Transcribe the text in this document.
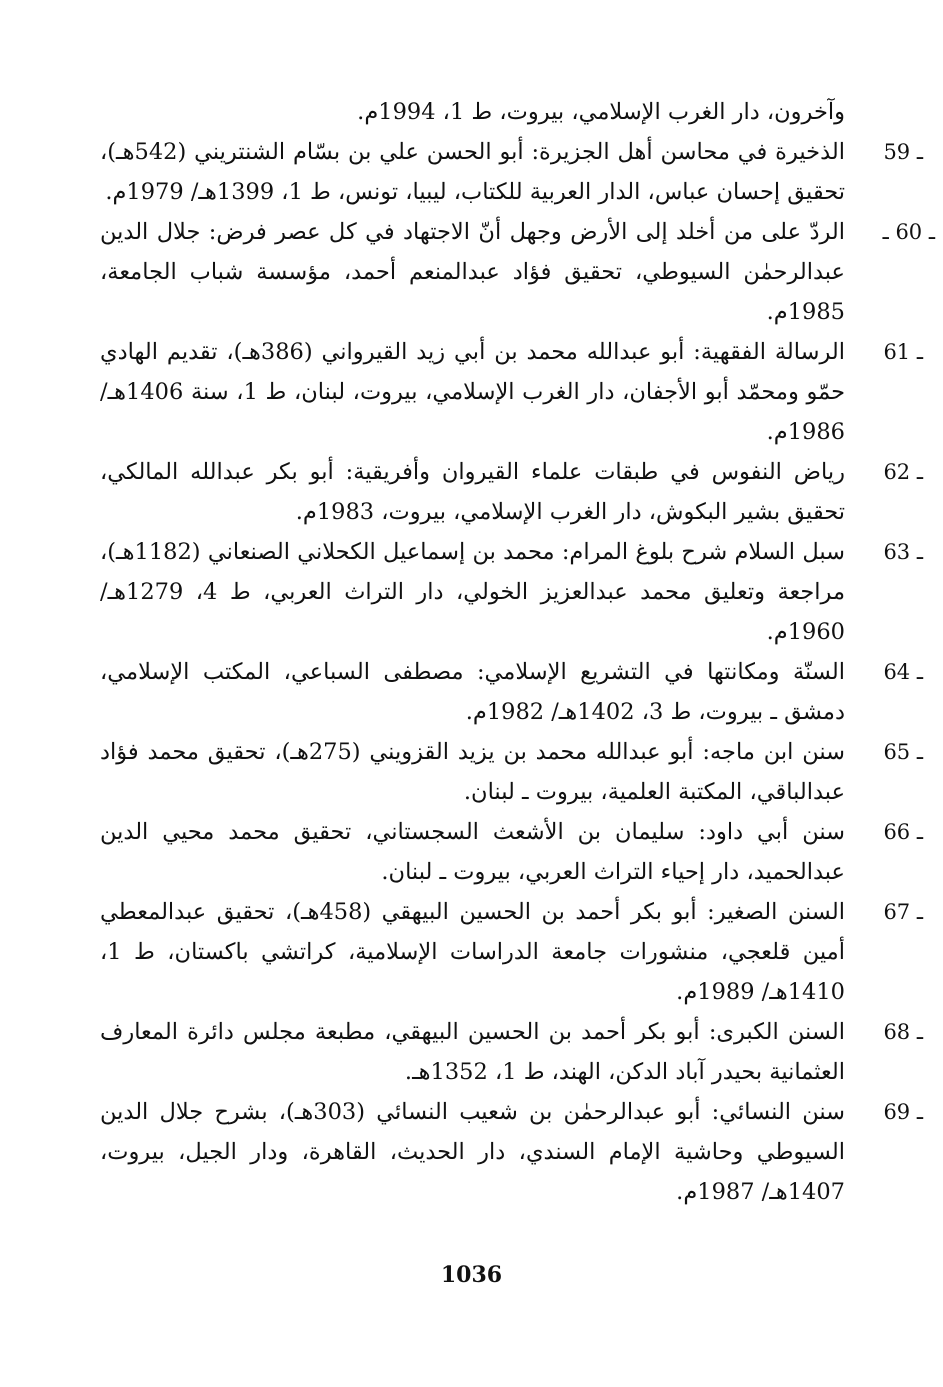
وآخرون، دار الغرب الإسلامي، بيروت، ط 1، 1994م.

59 ـ
الذخيرة في محاسن أهل الجزيرة: أبو الحسن علي بن بسّام الشنتريني (542هـ)، تحقيق إحسان عباس، الدار العربية للكتاب، ليبيا، تونس، ط 1، 1399هـ/ 1979م.
ـ 60 ـ
الردّ على من أخلد إلى الأرض وجهل أنّ الاجتهاد في كل عصر فرض: جلال الدين عبدالرحمٰن السيوطي، تحقيق فؤاد عبدالمنعم أحمد، مؤسسة شباب الجامعة، 1985م.
61 ـ
الرسالة الفقهية: أبو عبدالله محمد بن أبي زيد القيرواني (386هـ)، تقديم الهادي حمّو ومحمّد أبو الأجفان، دار الغرب الإسلامي، بيروت، لبنان، ط 1، سنة 1406هـ/ 1986م.
62 ـ
رياض النفوس في طبقات علماء القيروان وأفريقية: أبو بكر عبدالله المالكي، تحقيق بشير البكوش، دار الغرب الإسلامي، بيروت، 1983م.
63 ـ
سبل السلام شرح بلوغ المرام: محمد بن إسماعيل الكحلاني الصنعاني (1182هـ)، مراجعة وتعليق محمد عبدالعزيز الخولي، دار التراث العربي، ط 4، 1279هـ/ 1960م.
64 ـ
السنّة ومكانتها في التشريع الإسلامي: مصطفى السباعي، المكتب الإسلامي، دمشق ـ بيروت، ط 3، 1402هـ/ 1982م.
65 ـ
سنن ابن ماجه: أبو عبدالله محمد بن يزيد القزويني (275هـ)، تحقيق محمد فؤاد عبدالباقي، المكتبة العلمية، بيروت ـ لبنان.
66 ـ
سنن أبي داود: سليمان بن الأشعث السجستاني، تحقيق محمد محيي الدين عبدالحميد، دار إحياء التراث العربي، بيروت ـ لبنان.
67 ـ
السنن الصغير: أبو بكر أحمد بن الحسين البيهقي (458هـ)، تحقيق عبدالمعطي أمين قلعجي، منشورات جامعة الدراسات الإسلامية، كراتشي باكستان، ط 1، 1410هـ/ 1989م.
68 ـ
السنن الكبرى: أبو بكر أحمد بن الحسين البيهقي، مطبعة مجلس دائرة المعارف العثمانية بحيدر آباد الدكن، الهند، ط 1، 1352هـ.
69 ـ
سنن النسائي: أبو عبدالرحمٰن بن شعيب النسائي (303هـ)، بشرح جلال الدين السيوطي وحاشية الإمام السندي، دار الحديث، القاهرة، ودار الجيل، بيروت، 1407هـ/ 1987م.
1036
